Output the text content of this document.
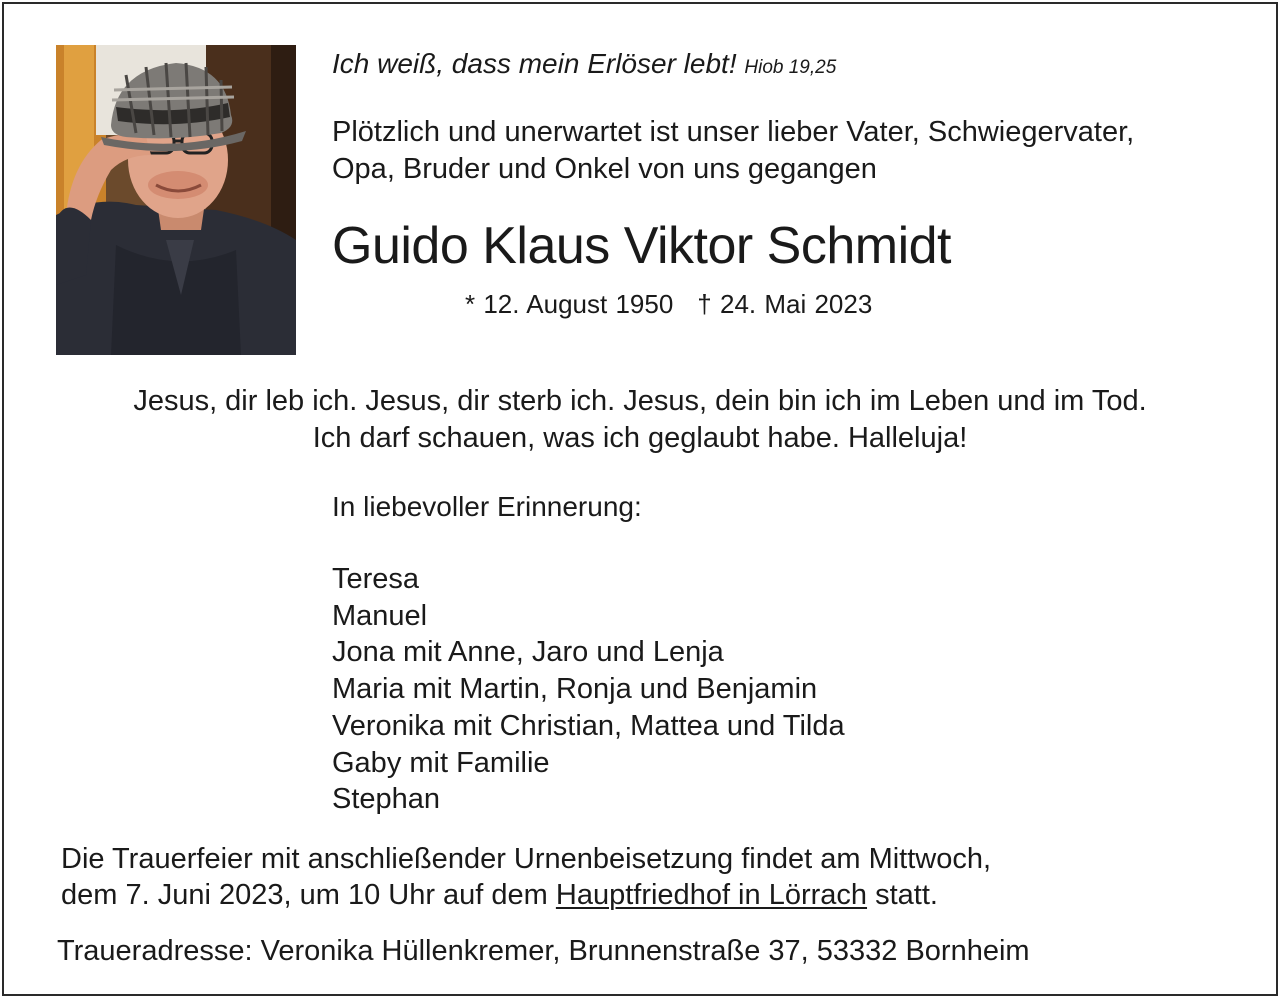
Ich weiß, dass mein Erlöser lebt! Hiob 19,25
Plötzlich und unerwartet ist unser lieber Vater, Schwiegervater,
Opa, Bruder und Onkel von uns gegangen
Guido Klaus Viktor Schmidt
* 12. August 1950 † 24. Mai 2023
Jesus, dir leb ich. Jesus, dir sterb ich. Jesus, dein bin ich im Leben und im Tod.
Ich darf schauen, was ich geglaubt habe. Halleluja!
In liebevoller Erinnerung:
Teresa
Manuel
Jona mit Anne, Jaro und Lenja
Maria mit Martin, Ronja und Benjamin
Veronika mit Christian, Mattea und Tilda
Gaby mit Familie
Stephan
Die Trauerfeier mit anschließender Urnenbeisetzung findet am Mittwoch,
dem 7. Juni 2023, um 10 Uhr auf dem Hauptfriedhof in Lörrach statt.
Traueradresse: Veronika Hüllenkremer, Brunnenstraße 37, 53332 Bornheim
